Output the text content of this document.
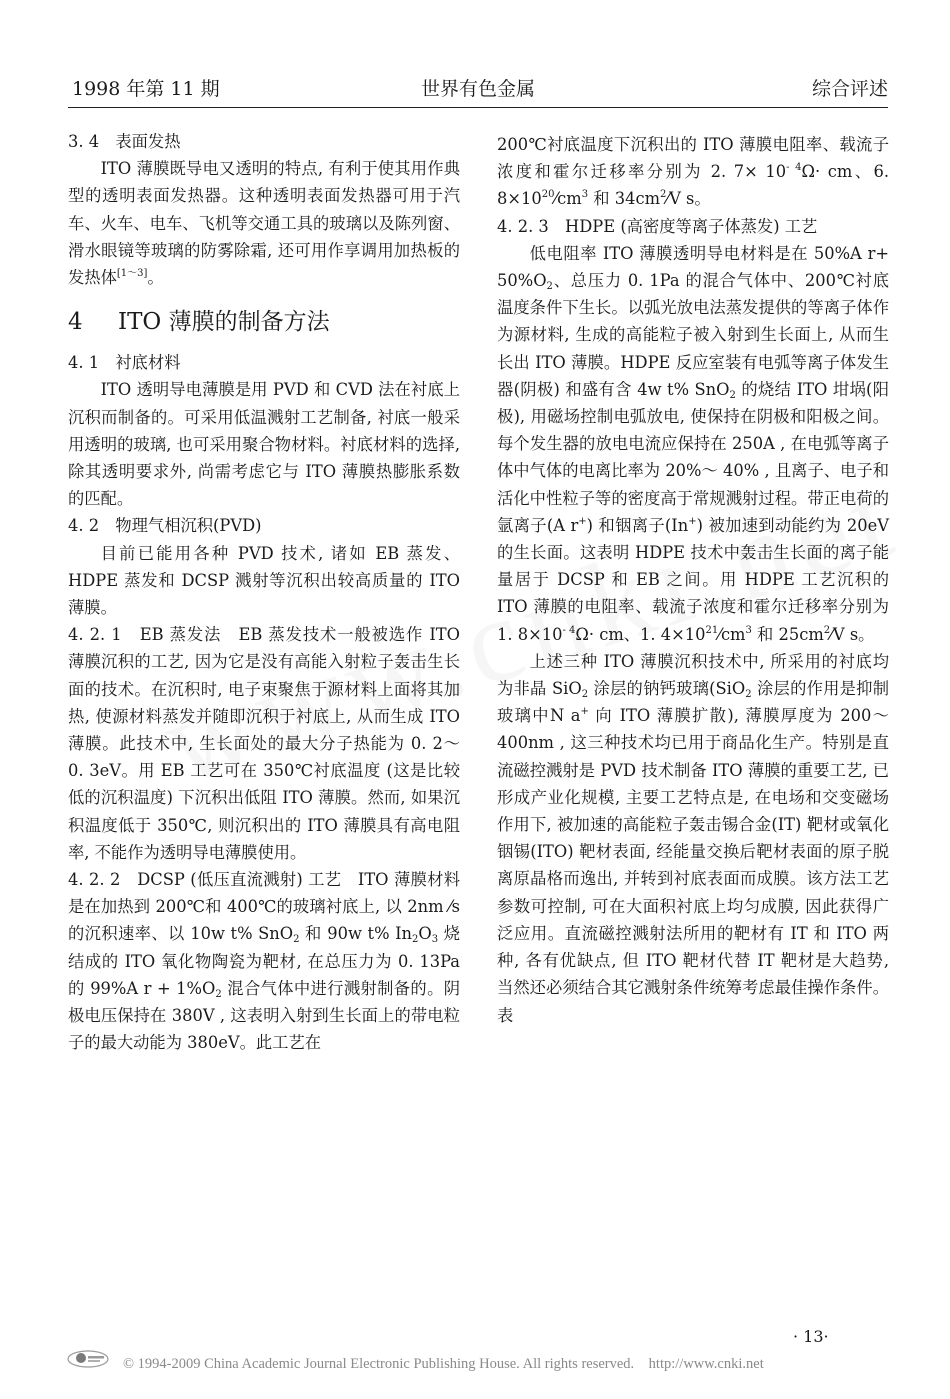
1998 年第 11 期	世界有色金属	综合评述

3. 4　表面发热

ITO 薄膜既导电又透明的特点, 有利于使其用作典型的透明表面发热器。这种透明表面发热器可用于汽车、火车、电车、飞机等交通工具的玻璃以及陈列窗、滑水眼镜等玻璃的防雾除霜, 还可用作享调用加热板的发热体[1～3]。

4 ITO 薄膜的制备方法

4. 1　衬底材料

ITO 透明导电薄膜是用 PVD 和 CVD 法在衬底上沉积而制备的。可采用低温溅射工艺制备, 衬底一般采用透明的玻璃, 也可采用聚合物材料。衬底材料的选择, 除其透明要求外, 尚需考虑它与 ITO 薄膜热膨胀系数的匹配。

4. 2　物理气相沉积(PVD)

目前已能用各种 PVD 技术, 诸如 EB 蒸发、HDPE 蒸发和 DCSP 溅射等沉积出较高质量的 ITO 薄膜。

4. 2. 1　EB 蒸发法　EB 蒸发技术一般被选作 ITO 薄膜沉积的工艺, 因为它是没有高能入射粒子轰击生长面的技术。在沉积时, 电子束聚焦于源材料上面将其加热, 使源材料蒸发并随即沉积于衬底上, 从而生成 ITO 薄膜。此技术中, 生长面处的最大分子热能为 0. 2～ 0. 3eV。用 EB 工艺可在 350℃衬底温度 (这是比较低的沉积温度) 下沉积出低阻 ITO 薄膜。然而, 如果沉积温度低于 350℃, 则沉积出的 ITO 薄膜具有高电阻率, 不能作为透明导电薄膜使用。

4. 2. 2　DCSP (低压直流溅射) 工艺　ITO 薄膜材料是在加热到 200℃和 400℃的玻璃衬底上, 以 2nm ⁄s 的沉积速率、以 10w t% SnO$_2$ 和 90w t% $In_2O_3$ 烧结成的 ITO 氧化物陶瓷为靶材, 在总压力为 0. 13Pa 的 99%A $r + 1\%O_2$ 混合气体中进行溅射制备的。阴极电压保持在 380V , 这表明入射到生长面上的带电粒子的最大动能为 380eV。此工艺在

200℃衬底温度下沉积出的 ITO 薄膜电阻率、载流子浓度和霍尔迁移率分别为 2. $7\times 10^{- 4}\Omega\cdot$ cm、6. $8\times 10^{20}⁄cm^3$ 和 $34cm^2⁄V$ s。

4. 2. 3　HDPE (高密度等离子体蒸发) 工艺

低电阻率 ITO 薄膜透明导电材料是在 50%A $r+ 50\%O_2$、总压力 0. 1Pa 的混合气体中、200℃衬底温度条件下生长。以弧光放电法蒸发提供的等离子体作为源材料, 生成的高能粒子被入射到生长面上, 从而生长出 ITO 薄膜。HDPE 反应室装有电弧等离子体发生器(阴极) 和盛有含 4w t% SnO$_2$ 的烧结 ITO 坩埚(阳极), 用磁场控制电弧放电, 使保持在阴极和阳极之间。每个发生器的放电电流应保持在 250A , 在电弧等离子体中气体的电离比率为 20%～ 40% , 且离子、电子和活化中性粒子等的密度高于常规溅射过程。带正电荷的氩离子(A r+) 和铟离子(In+) 被加速到动能约为 20eV 的生长面。这表明 HDPE 技术中轰击生长面的离子能量居于 DCSP 和 EB 之间。用 HDPE 工艺沉积的 ITO 薄膜的电阻率、载流子浓度和霍尔迁移率分别为 1. $8\times 10^{- 4}\Omega\cdot$ cm、1. $4\times 10^{21}⁄cm^3$ 和 $25cm^2⁄V$ s。

上述三种 ITO 薄膜沉积技术中, 所采用的衬底均为非晶 SiO$_2$ 涂层的钠钙玻璃(SiO$_2$ 涂层的作用是抑制玻璃中N a+ 向 ITO 薄膜扩散), 薄膜厚度为 200～ 400nm , 这三种技术均已用于商品化生产。特别是直流磁控溅射是 PVD 技术制备 ITO 薄膜的重要工艺, 已形成产业化规模, 主要工艺特点是, 在电场和交变磁场作用下, 被加速的高能粒子轰击锡合金(IT) 靶材或氧化铟锡(ITO) 靶材表面, 经能量交换后靶材表面的原子脱离原晶格而逸出, 并转到衬底表面而成膜。该方法工艺参数可控制, 可在大面积衬底上均匀成膜, 因此获得广泛应用。直流磁控溅射法所用的靶材有 IT 和 ITO 两种, 各有优缺点, 但 ITO 靶材代替 IT 靶材是大趋势, 当然还必须结合其它溅射条件统筹考虑最佳操作条件。表

· 13·
© 1994-2009 China Academic Journal Electronic Publishing House. All rights reserved.　http://www.cnki.net
